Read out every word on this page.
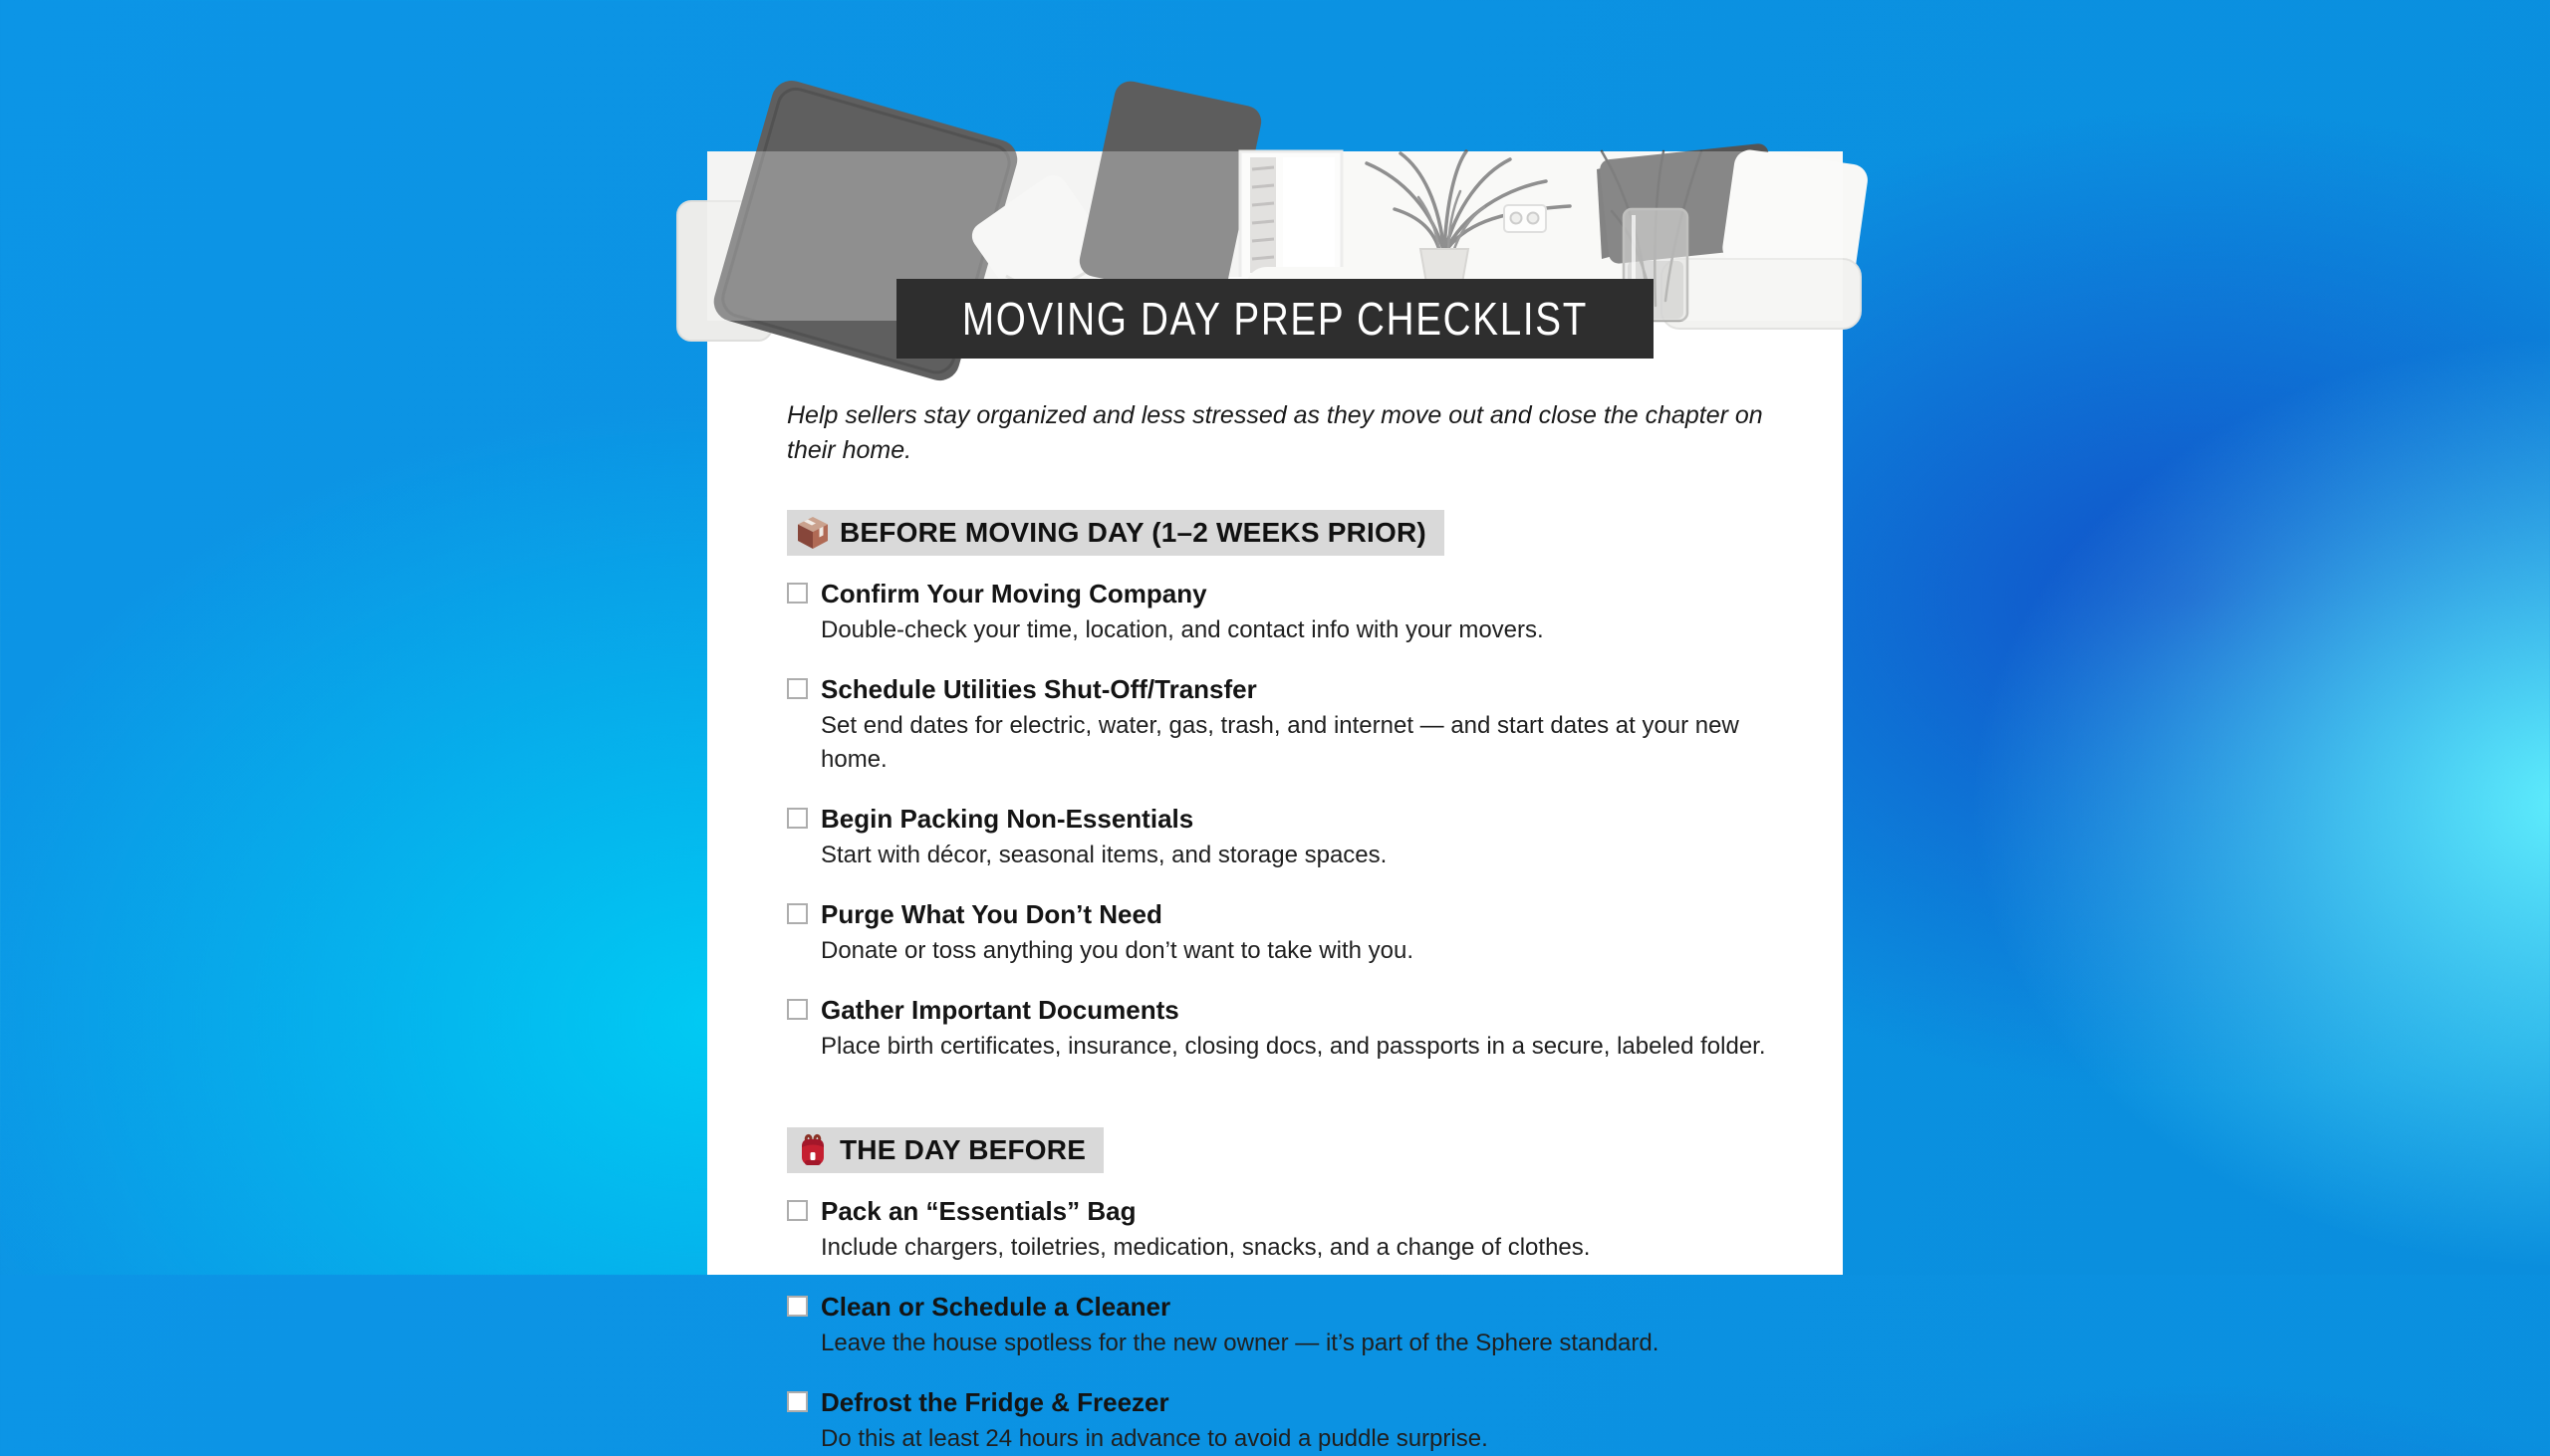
MOVING DAY PREP CHECKLIST

Help sellers stay organized and less stressed as they move out and close the chapter on their home.

BEFORE MOVING DAY (1–2 WEEKS PRIOR)
Confirm Your Moving Company
Double-check your time, location, and contact info with your movers.
Schedule Utilities Shut-Off/Transfer
Set end dates for electric, water, gas, trash, and internet — and start dates at your new home.
Begin Packing Non-Essentials
Start with décor, seasonal items, and storage spaces.
Purge What You Don’t Need
Donate or toss anything you don’t want to take with you.
Gather Important Documents
Place birth certificates, insurance, closing docs, and passports in a secure, labeled folder.
THE DAY BEFORE
Pack an “Essentials” Bag
Include chargers, toiletries, medication, snacks, and a change of clothes.
Clean or Schedule a Cleaner
Leave the house spotless for the new owner — it’s part of the Sphere standard.
Defrost the Fridge & Freezer
Do this at least 24 hours in advance to avoid a puddle surprise.
